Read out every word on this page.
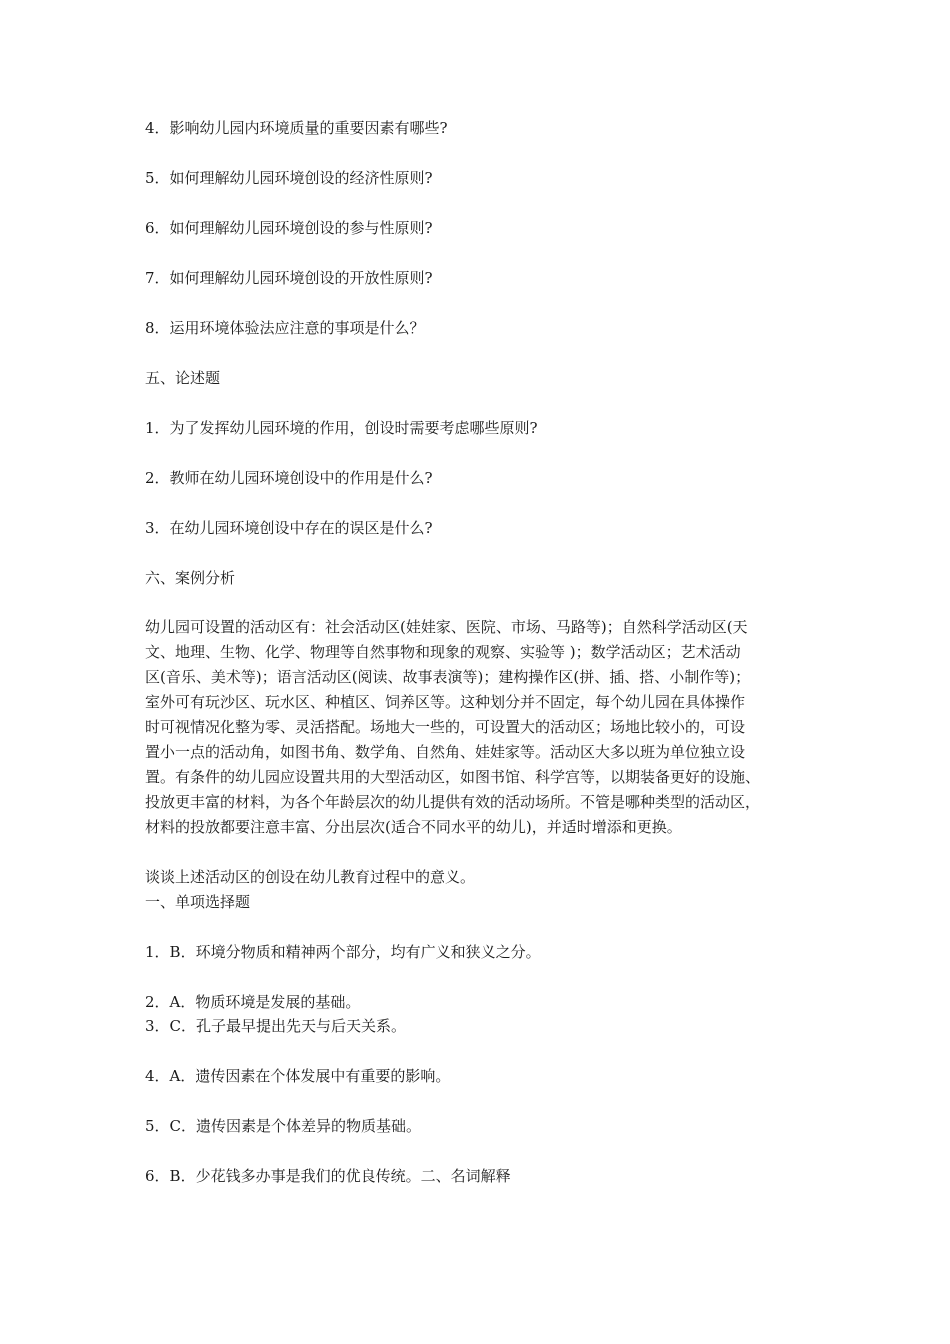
4．影响幼儿园内环境质量的重要因素有哪些?
5．如何理解幼儿园环境创设的经济性原则?
6．如何理解幼儿园环境创设的参与性原则?
7．如何理解幼儿园环境创设的开放性原则?
8．运用环境体验法应注意的事项是什么？
五、论述题
1．为了发挥幼儿园环境的作用，创设时需要考虑哪些原则?
2．教师在幼儿园环境创设中的作用是什么?
3．在幼儿园环境创设中存在的误区是什么?
六、案例分析
幼儿园可设置的活动区有：社会活动区(娃娃家、医院、市场、马路等)；自然科学活动区(天
文、地理、生物、化学、物理等自然事物和现象的观察、实验等 )；数学活动区；艺术活动
区(音乐、美术等)；语言活动区(阅读、故事表演等)；建构操作区(拼、插、搭、小制作等)；
室外可有玩沙区、玩水区、种植区、饲养区等。这种划分并不固定，每个幼儿园在具体操作
时可视情况化整为零、灵活搭配。场地大一些的，可设置大的活动区；场地比较小的，可设
置小一点的活动角，如图书角、数学角、自然角、娃娃家等。活动区大多以班为单位独立设
置。有条件的幼儿园应设置共用的大型活动区，如图书馆、科学宫等，以期装备更好的设施、
投放更丰富的材料，为各个年龄层次的幼儿提供有效的活动场所。不管是哪种类型的活动区，
材料的投放都要注意丰富、分出层次(适合不同水平的幼儿)，并适时增添和更换。
谈谈上述活动区的创设在幼儿教育过程中的意义。
一、单项选择题
1．B．环境分物质和精神两个部分，均有广义和狭义之分。
2．A．物质环境是发展的基础。
3．C．孔子最早提出先天与后天关系。
4．A．遗传因素在个体发展中有重要的影响。
5．C．遗传因素是个体差异的物质基础。
6．B．少花钱多办事是我们的优良传统。二、名词解释
